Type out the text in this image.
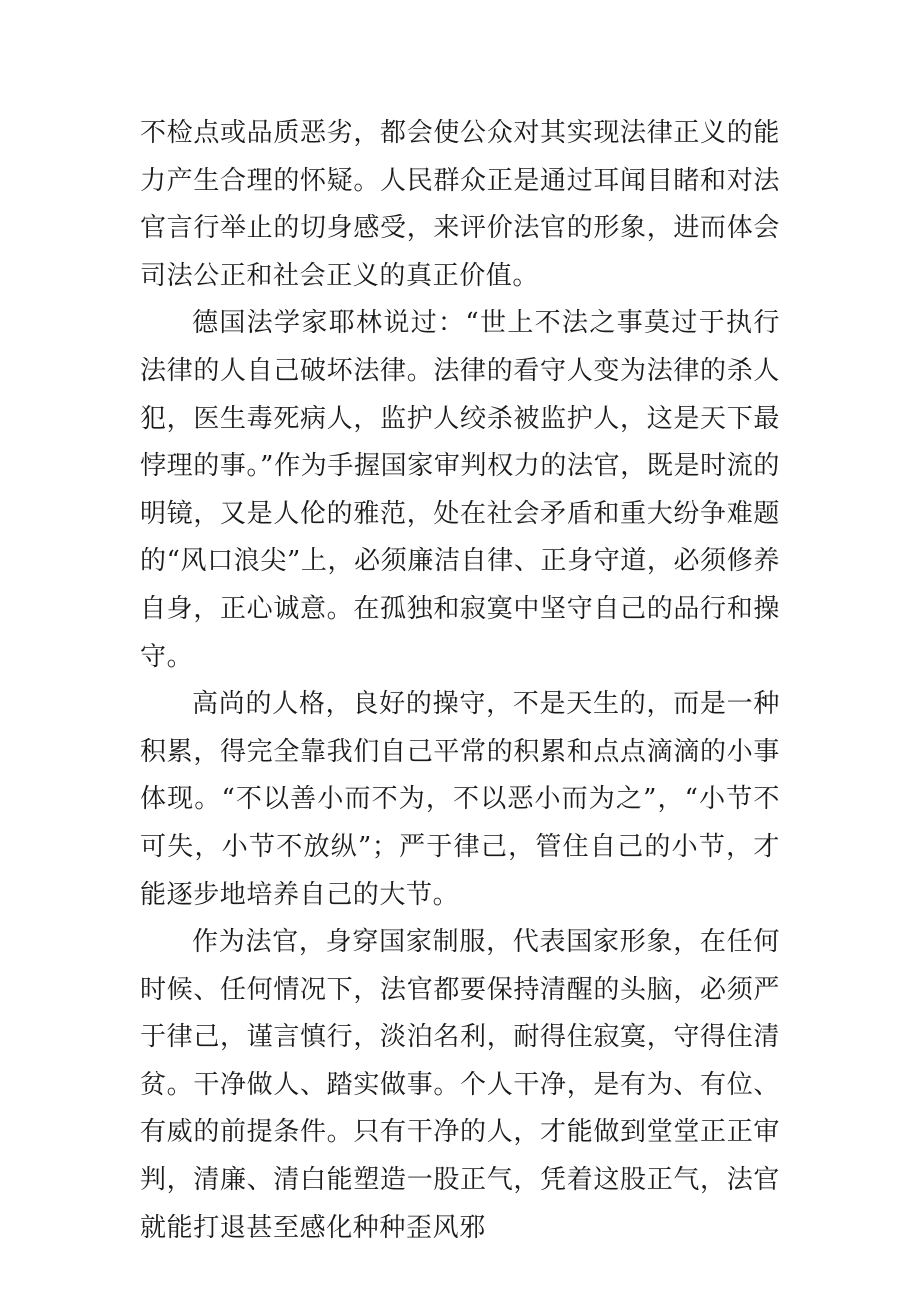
不检点或品质恶劣，都会使公众对其实现法律正义的能力产生合理的怀疑。人民群众正是通过耳闻目睹和对法官言行举止的切身感受，来评价法官的形象，进而体会司法公正和社会正义的真正价值。

德国法学家耶林说过：“世上不法之事莫过于执行法律的人自己破坏法律。法律的看守人变为法律的杀人犯，医生毒死病人，监护人绞杀被监护人，这是天下最悖理的事。”作为手握国家审判权力的法官，既是时流的明镜，又是人伦的雅范，处在社会矛盾和重大纷争难题的“风口浪尖”上，必须廉洁自律、正身守道，必须修养自身，正心诚意。在孤独和寂寞中坚守自己的品行和操守。

高尚的人格，良好的操守，不是天生的，而是一种积累，得完全靠我们自己平常的积累和点点滴滴的小事体现。“不以善小而不为，不以恶小而为之”，“小节不可失，小节不放纵”；严于律己，管住自己的小节，才能逐步地培养自己的大节。

作为法官，身穿国家制服，代表国家形象，在任何时候、任何情况下，法官都要保持清醒的头脑，必须严于律己，谨言慎行，淡泊名利，耐得住寂寞，守得住清贫。干净做人、踏实做事。个人干净，是有为、有位、有威的前提条件。只有干净的人，才能做到堂堂正正审判，清廉、清白能塑造一股正气，凭着这股正气，法官就能打退甚至感化种种歪风邪
